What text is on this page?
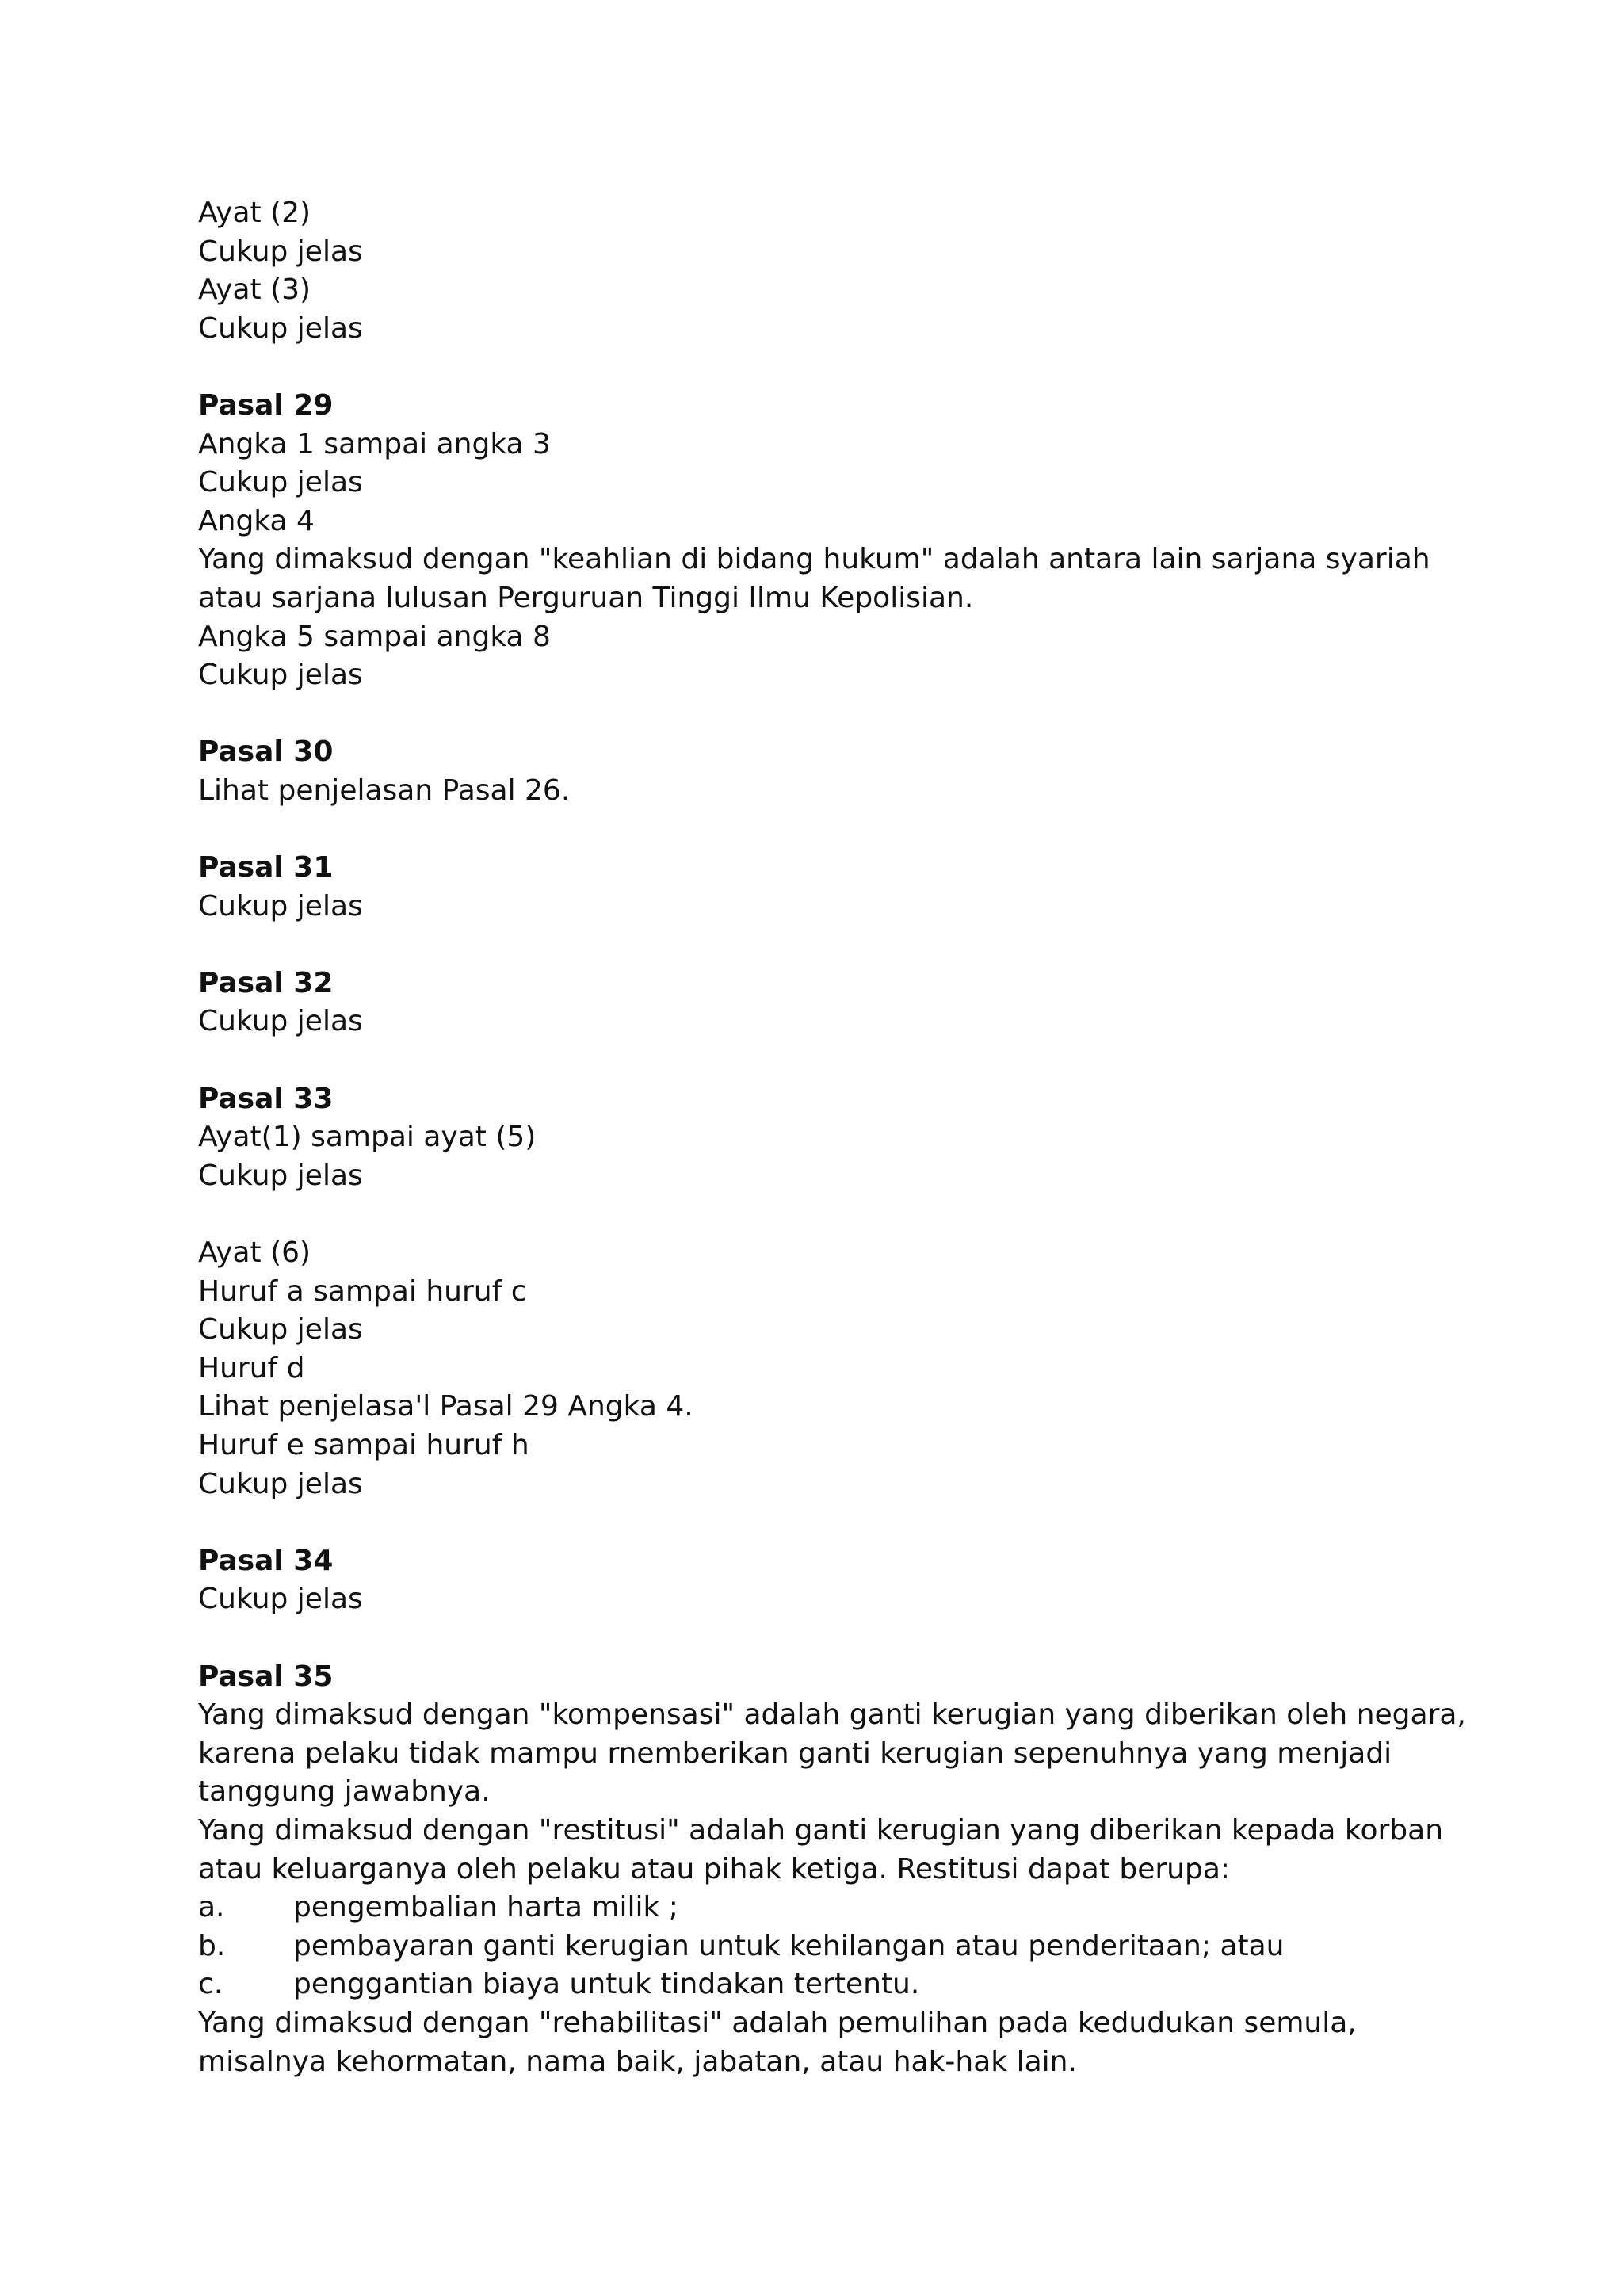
Ayat (2)
Cukup jelas
Ayat (3)
Cukup jelas
Pasal 29
Angka 1 sampai angka 3
Cukup jelas
Angka 4
Yang dimaksud dengan "keahlian di bidang hukum" adalah antara lain sarjana syariah
atau sarjana lulusan Perguruan Tinggi Ilmu Kepolisian.
Angka 5 sampai angka 8
Cukup jelas
Pasal 30
Lihat penjelasan Pasal 26.
Pasal 31
Cukup jelas
Pasal 32
Cukup jelas
Pasal 33
Ayat(1) sampai ayat (5)
Cukup jelas
Ayat (6)
Huruf a sampai huruf c
Cukup jelas
Huruf d
Lihat penjelasa'l Pasal 29 Angka 4.
Huruf e sampai huruf h
Cukup jelas
Pasal 34
Cukup jelas
Pasal 35
Yang dimaksud dengan "kompensasi" adalah ganti kerugian yang diberikan oleh negara,
karena pelaku tidak mampu rnemberikan ganti kerugian sepenuhnya yang menjadi
tanggung jawabnya.
Yang dimaksud dengan "restitusi" adalah ganti kerugian yang diberikan kepada korban
atau keluarganya oleh pelaku atau pihak ketiga. Restitusi dapat berupa:
a. pengembalian harta milik ;
b. pembayaran ganti kerugian untuk kehilangan atau penderitaan; atau
c. penggantian biaya untuk tindakan tertentu.
Yang dimaksud dengan "rehabilitasi" adalah pemulihan pada kedudukan semula,
misalnya kehormatan, nama baik, jabatan, atau hak-hak lain.
